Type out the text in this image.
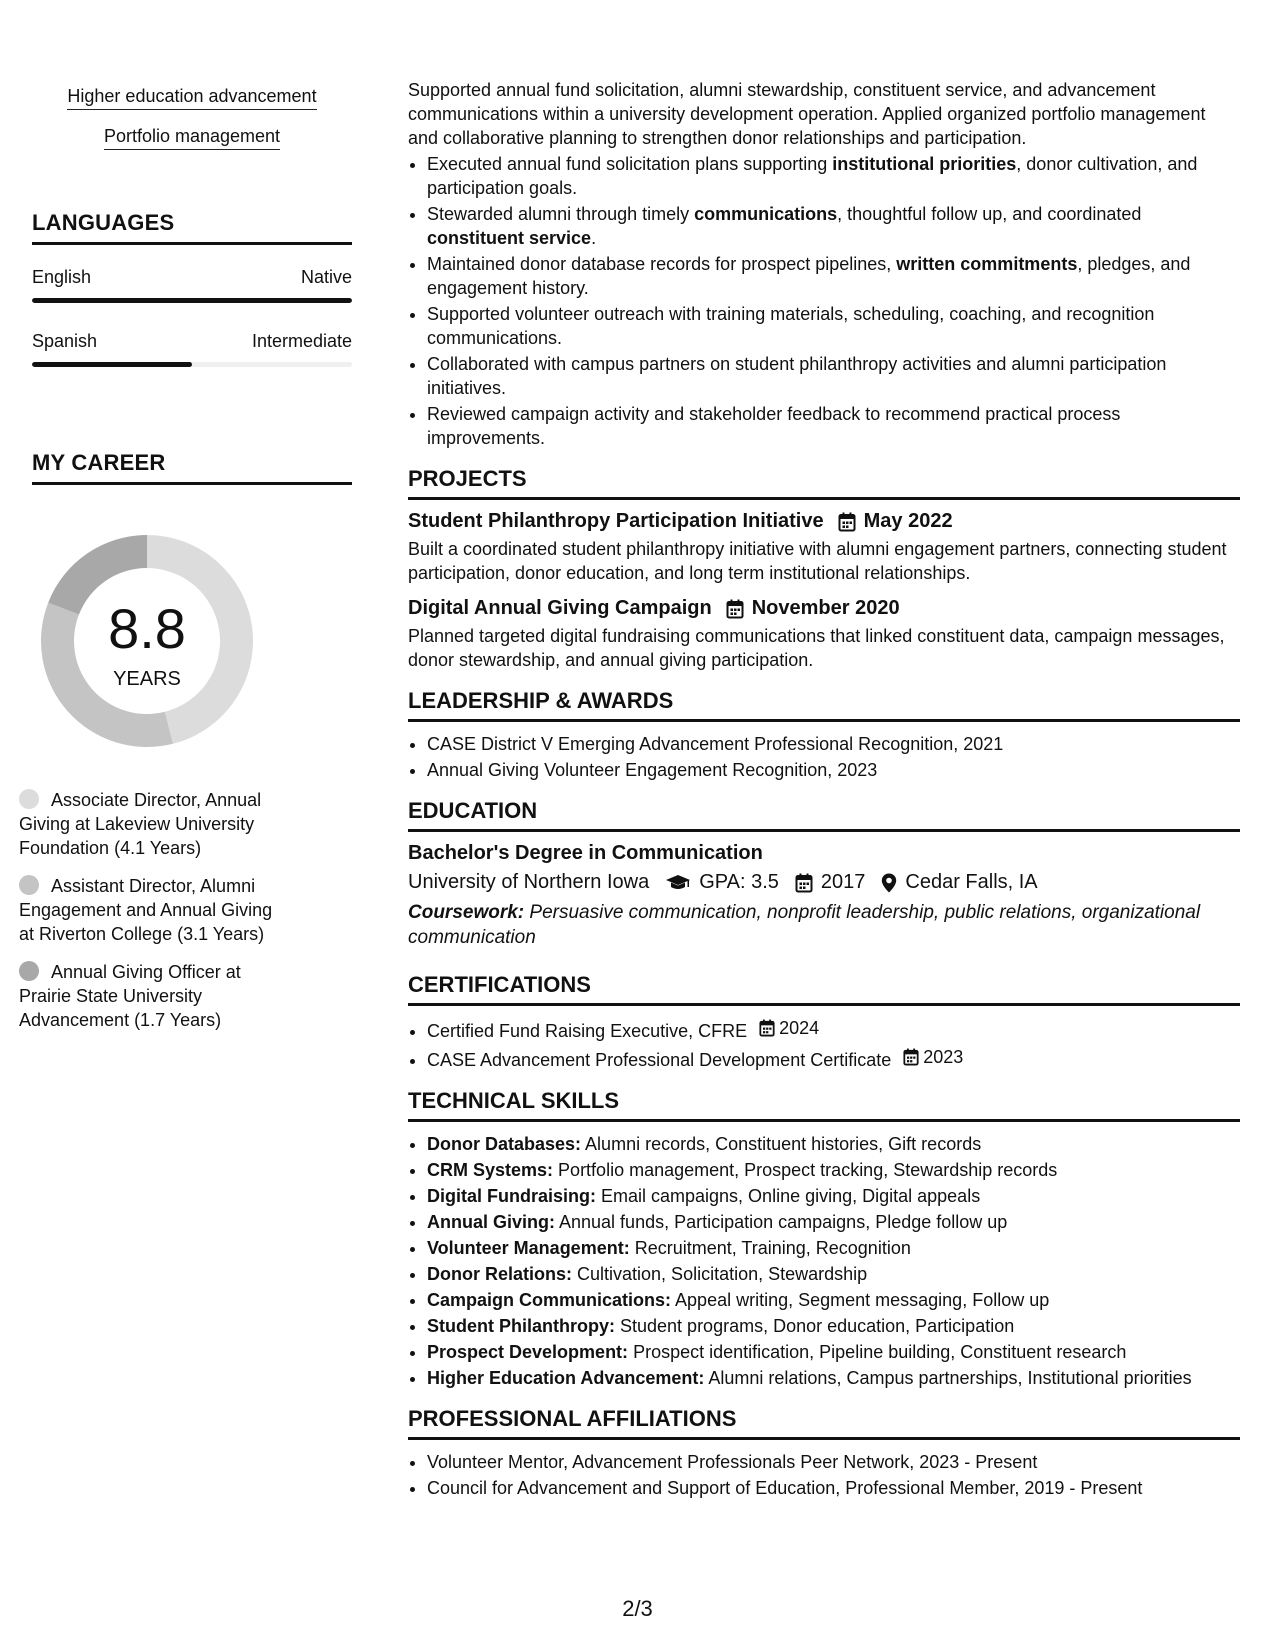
Higher education advancement
Portfolio management
LANGUAGES
English	Native
Spanish	Intermediate
MY CAREER
8.8
YEARS
Associate Director, Annual Giving at Lakeview University Foundation (4.1 Years)
Assistant Director, Alumni Engagement and Annual Giving at Riverton College (3.1 Years)
Annual Giving Officer at Prairie State University Advancement (1.7 Years)

Supported annual fund solicitation, alumni stewardship, constituent service, and advancement communications within a university development operation. Applied organized portfolio management and collaborative planning to strengthen donor relationships and participation.

• Executed annual fund solicitation plans supporting institutional priorities, donor cultivation, and participation goals.
• Stewarded alumni through timely communications, thoughtful follow up, and coordinated constituent service.
• Maintained donor database records for prospect pipelines, written commitments, pledges, and engagement history.
• Supported volunteer outreach with training materials, scheduling, coaching, and recognition communications.
• Collaborated with campus partners on student philanthropy activities and alumni participation initiatives.
• Reviewed campaign activity and stakeholder feedback to recommend practical process improvements.
PROJECTS
Student Philanthropy Participation Initiative May 2022
Built a coordinated student philanthropy initiative with alumni engagement partners, connecting student participation, donor education, and long term institutional relationships.
Digital Annual Giving Campaign November 2020
Planned targeted digital fundraising communications that linked constituent data, campaign messages, donor stewardship, and annual giving participation.
LEADERSHIP & AWARDS
• CASE District V Emerging Advancement Professional Recognition, 2021
• Annual Giving Volunteer Engagement Recognition, 2023
EDUCATION
Bachelor's Degree in Communication
University of Northern Iowa	GPA: 3.5 2017 Cedar Falls, IA
Coursework: Persuasive communication, nonprofit leadership, public relations, organizational communication
CERTIFICATIONS
• Certified Fund Raising Executive, CFRE 2024
• CASE Advancement Professional Development Certificate 2023
TECHNICAL SKILLS
• Donor Databases: Alumni records, Constituent histories, Gift records
• CRM Systems: Portfolio management, Prospect tracking, Stewardship records
• Digital Fundraising: Email campaigns, Online giving, Digital appeals
• Annual Giving: Annual funds, Participation campaigns, Pledge follow up
• Volunteer Management: Recruitment, Training, Recognition
• Donor Relations: Cultivation, Solicitation, Stewardship
• Campaign Communications: Appeal writing, Segment messaging, Follow up
• Student Philanthropy: Student programs, Donor education, Participation
• Prospect Development: Prospect identification, Pipeline building, Constituent research
• Higher Education Advancement: Alumni relations, Campus partnerships, Institutional priorities
PROFESSIONAL AFFILIATIONS
• Volunteer Mentor, Advancement Professionals Peer Network, 2023 - Present
• Council for Advancement and Support of Education, Professional Member, 2019 - Present
2/3
